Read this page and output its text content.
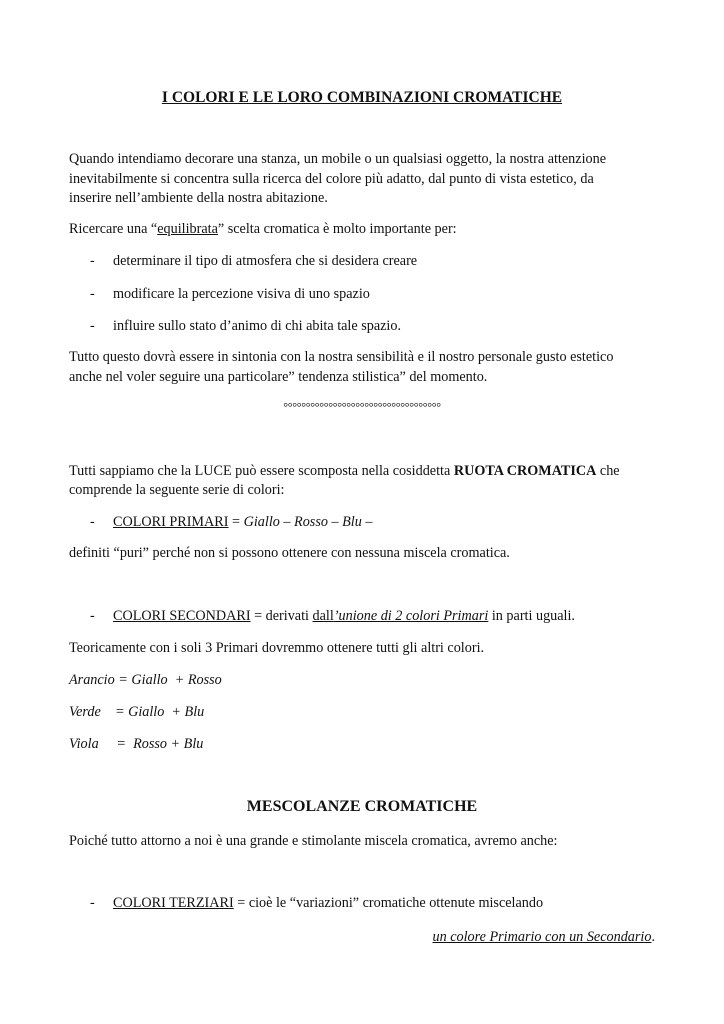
I COLORI E LE LORO COMBINAZIONI CROMATICHE

Quando intendiamo decorare una stanza, un mobile o un qualsiasi oggetto, la nostra attenzione

inevitabilmente si concentra sulla ricerca del colore più adatto, dal punto di vista estetico, da

inserire nell’ambiente della nostra abitazione.

Ricercare una “equilibrata” scelta cromatica è molto importante per:

- determinare il tipo di atmosfera che si desidera creare

- modificare la percezione visiva di uno spazio

- influire sullo stato d’animo di chi abita tale spazio.

Tutto questo dovrà essere in sintonia con la nostra sensibilità e il nostro personale gusto estetico

anche nel voler seguire una particolare” tendenza stilistica” del momento.

°°°°°°°°°°°°°°°°°°°°°°°°°°°°°°°°°°°

Tutti sappiamo che la LUCE può essere scomposta nella cosiddetta RUOTA CROMATICA che

comprende la seguente serie di colori:

- COLORI PRIMARI = Giallo – Rosso – Blu –

definiti “puri” perché non si possono ottenere con nessuna miscela cromatica.

- COLORI SECONDARI = derivati dall’unione di 2 colori Primari in parti uguali.

Teoricamente con i soli 3 Primari dovremmo ottenere tutti gli altri colori.

Arancio = Giallo  + Rosso

Verde    = Giallo  + Blu

Viola     =  Rosso + Blu

MESCOLANZE CROMATICHE

Poiché tutto attorno a noi è una grande e stimolante miscela cromatica, avremo anche:

- COLORI TERZIARI = cioè le “variazioni” cromatiche ottenute miscelando

un colore Primario con un Secondario.
